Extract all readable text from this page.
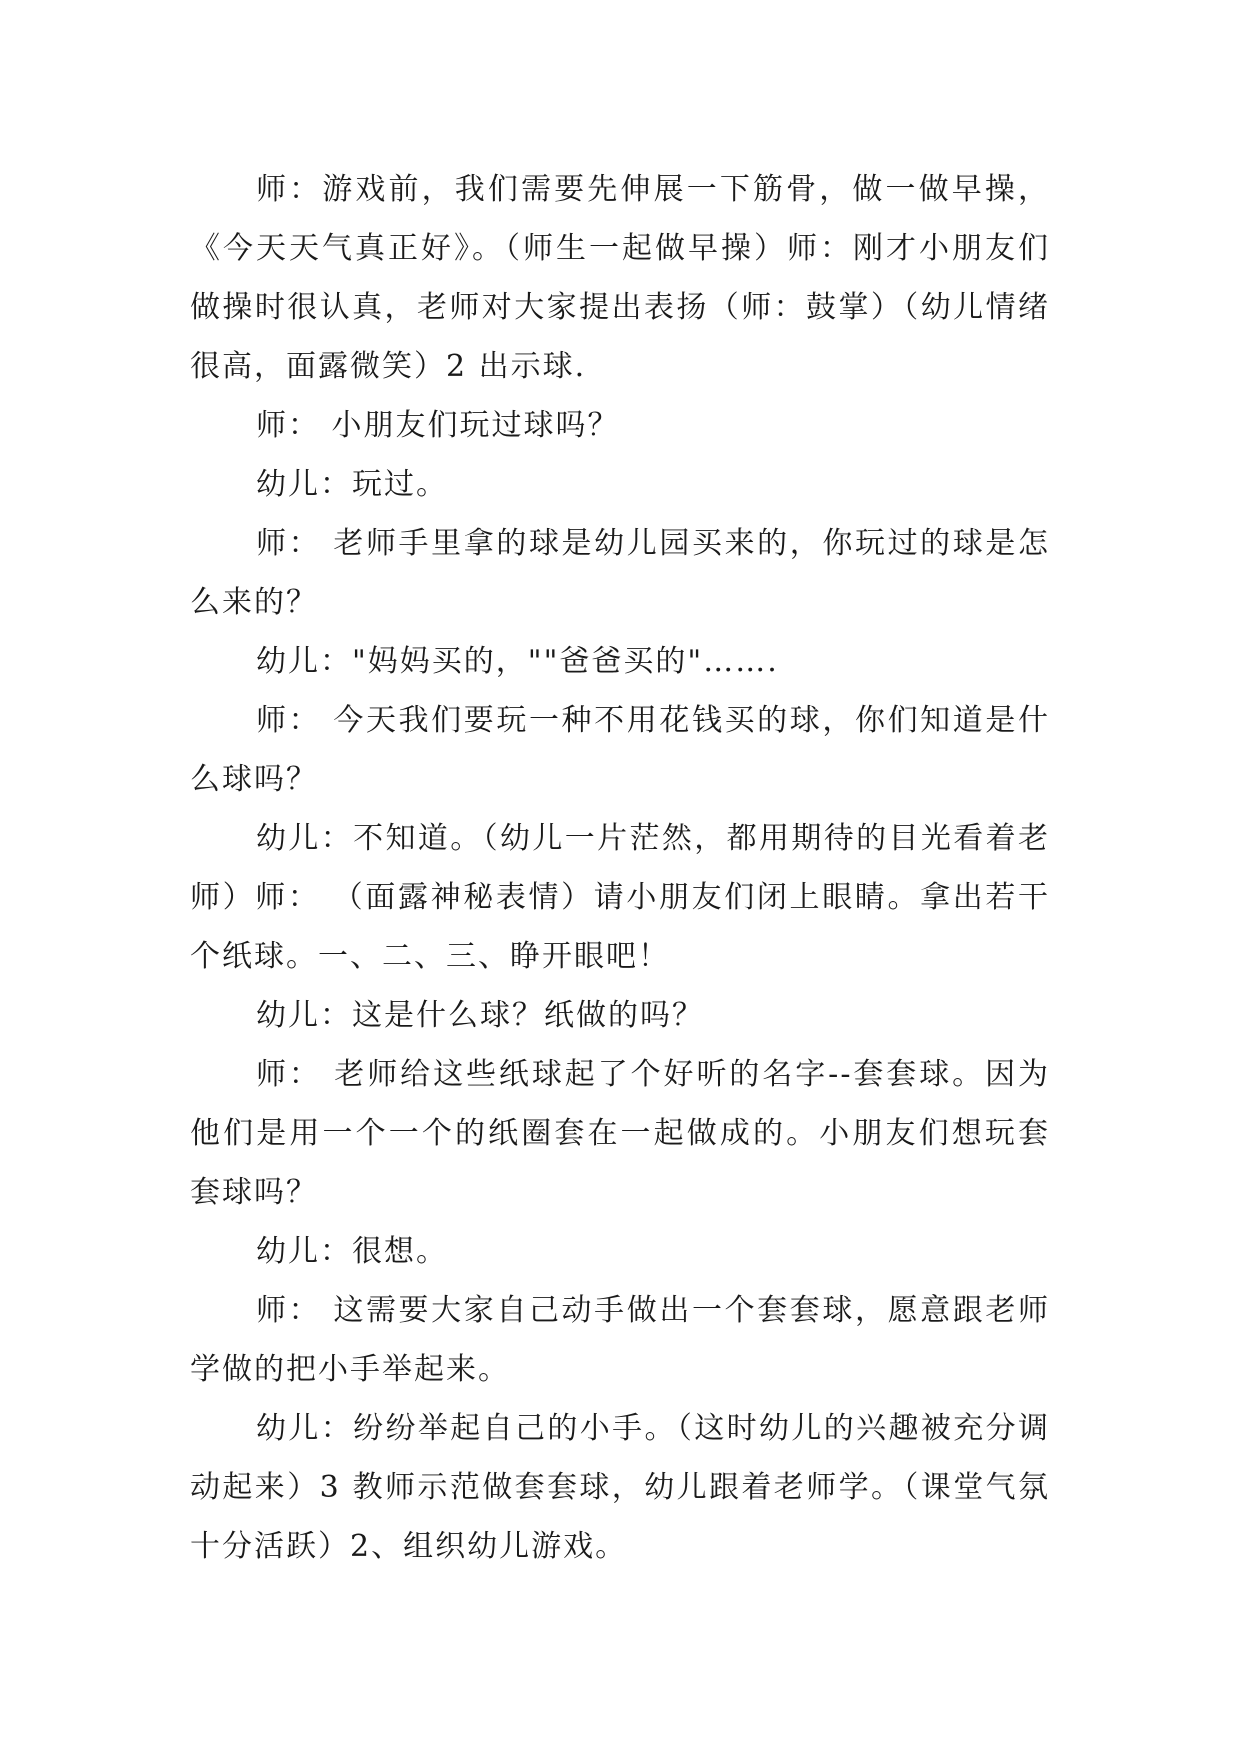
师：游戏前，我们需要先伸展一下筋骨，做一做早操，《今天天气真正好》。（师生一起做早操）师：刚才小朋友们做操时很认真，老师对大家提出表扬（师：鼓掌）（幼儿情绪很高，面露微笑）2 出示球.

师： 小朋友们玩过球吗？

幼儿：玩过。

师： 老师手里拿的球是幼儿园买来的，你玩过的球是怎么来的？

幼儿："妈妈买的，""爸爸买的"…….

师： 今天我们要玩一种不用花钱买的球，你们知道是什么球吗？

幼儿：不知道。（幼儿一片茫然，都用期待的目光看着老师）师： （面露神秘表情）请小朋友们闭上眼睛。拿出若干个纸球。一、二、三、睁开眼吧！

幼儿：这是什么球？纸做的吗？

师： 老师给这些纸球起了个好听的名字--套套球。因为他们是用一个一个的纸圈套在一起做成的。小朋友们想玩套套球吗？

幼儿：很想。

师： 这需要大家自己动手做出一个套套球，愿意跟老师学做的把小手举起来。

幼儿：纷纷举起自己的小手。（这时幼儿的兴趣被充分调动起来）3 教师示范做套套球，幼儿跟着老师学。（课堂气氛十分活跃）2、组织幼儿游戏。
